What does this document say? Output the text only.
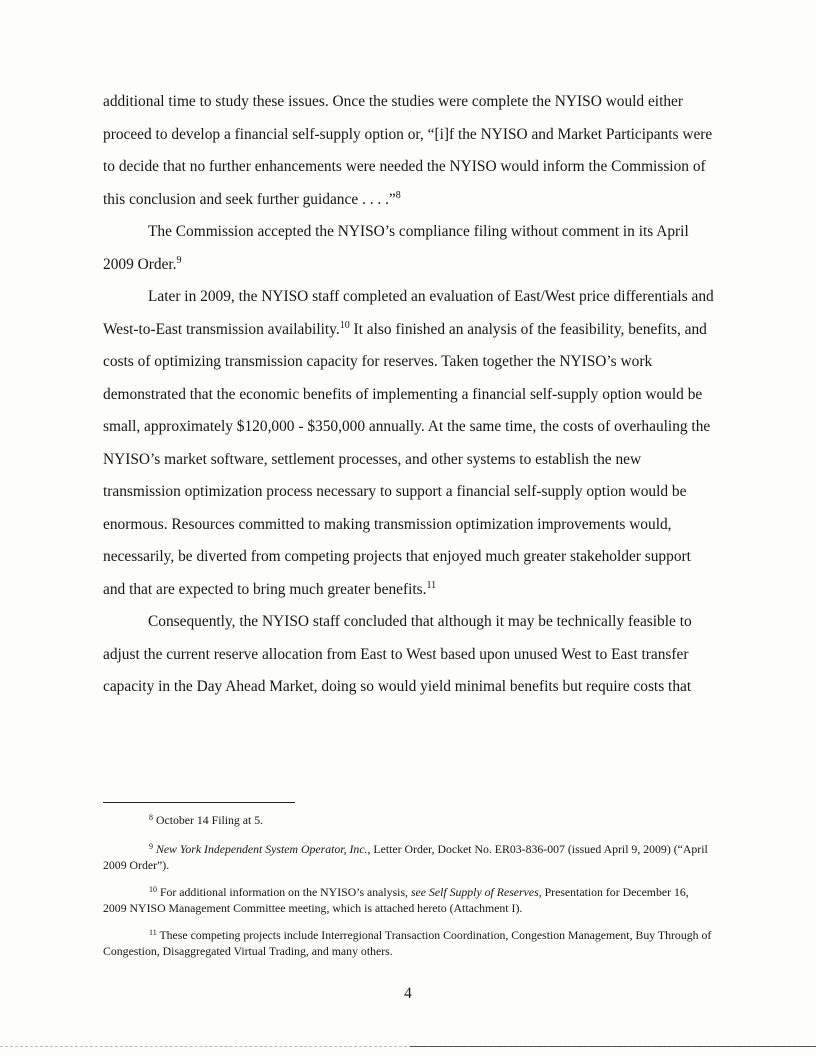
additional time to study these issues. Once the studies were complete the NYISO would either proceed to develop a financial self-supply option or, “[i]f the NYISO and Market Participants were to decide that no further enhancements were needed the NYISO would inform the Commission of this conclusion and seek further guidance . . . .”$^8$

The Commission accepted the NYISO’s compliance filing without comment in its April 2009 Order.$^9$

Later in 2009, the NYISO staff completed an evaluation of East/West price differentials and West-to-East transmission availability.$^{10}$ It also finished an analysis of the feasibility, benefits, and costs of optimizing transmission capacity for reserves. Taken together the NYISO’s work demonstrated that the economic benefits of implementing a financial self-supply option would be small, approximately $120,000 - $350,000 annually. At the same time, the costs of overhauling the NYISO’s market software, settlement processes, and other systems to establish the new transmission optimization process necessary to support a financial self-supply option would be enormous. Resources committed to making transmission optimization improvements would, necessarily, be diverted from competing projects that enjoyed much greater stakeholder support and that are expected to bring much greater benefits.$^{11}$

Consequently, the NYISO staff concluded that although it may be technically feasible to adjust the current reserve allocation from East to West based upon unused West to East transfer capacity in the Day Ahead Market, doing so would yield minimal benefits but require costs that

$^8$ October 14 Filing at 5.

$^9$ New York Independent System Operator, Inc., Letter Order, Docket No. ER03-836-007 (issued April 9, 2009) (“April 2009 Order”).

$^{10}$ For additional information on the NYISO’s analysis, see Self Supply of Reserves, Presentation for December 16, 2009 NYISO Management Committee meeting, which is attached hereto (Attachment I).

$^{11}$ These competing projects include Interregional Transaction Coordination, Congestion Management, Buy Through of Congestion, Disaggregated Virtual Trading, and many others.

4
